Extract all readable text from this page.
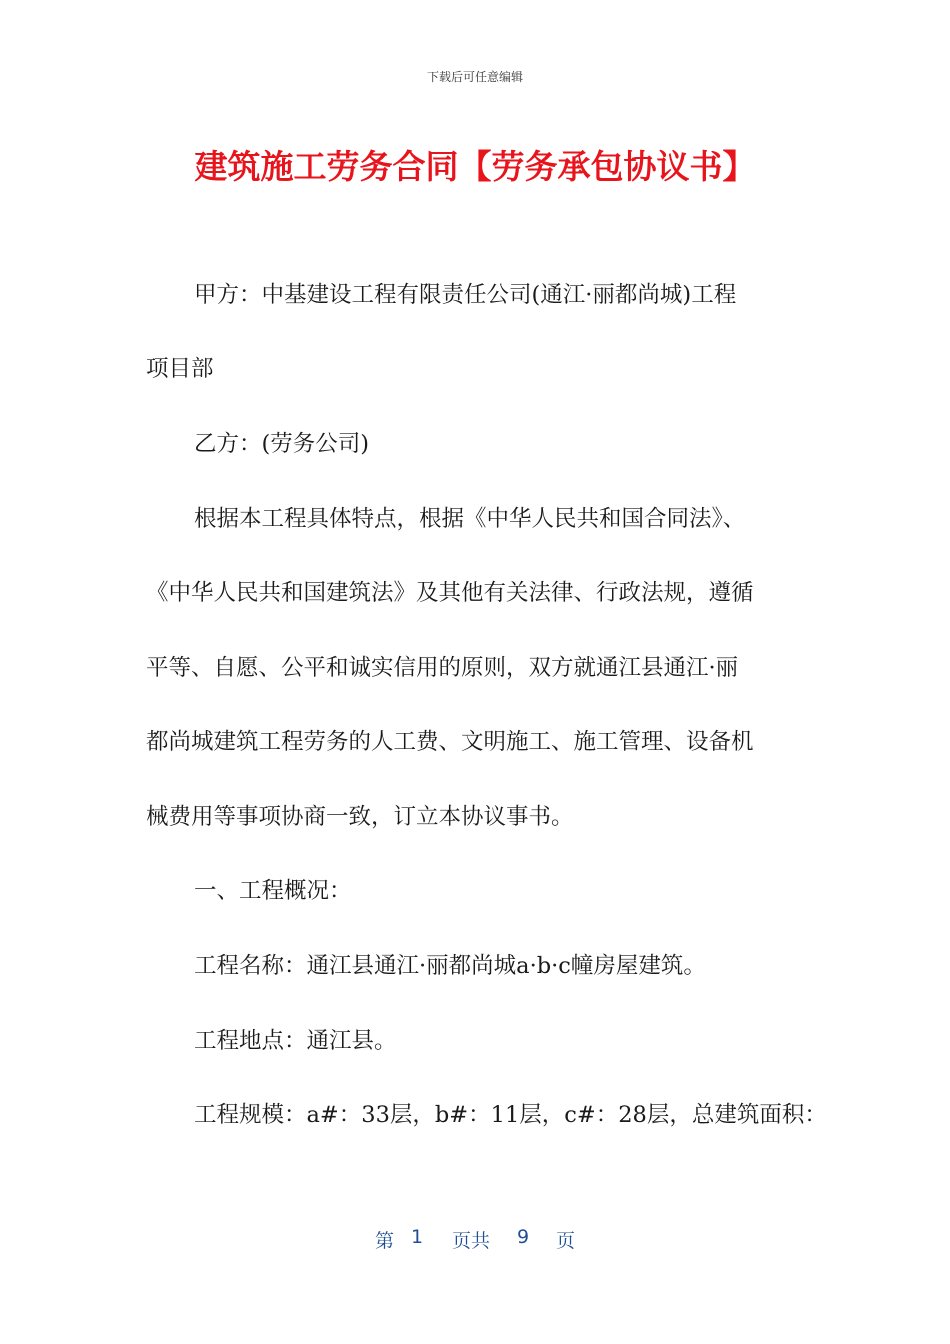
下载后可任意编辑
建筑施工劳务合同【劳务承包协议书】
甲方：中基建设工程有限责任公司(通江·丽都尚城)工程
项目部
乙方：(劳务公司)
根据本工程具体特点，根据《中华人民共和国合同法》、
《中华人民共和国建筑法》及其他有关法律、行政法规，遵循
平等、自愿、公平和诚实信用的原则，双方就通江县通江·丽
都尚城建筑工程劳务的人工费、文明施工、施工管理、设备机
械费用等事项协商一致，订立本协议事书。
一、工程概况：
工程名称：通江县通江·丽都尚城a·b·c幢房屋建筑。
工程地点：通江县。
工程规模：a#：33层，b#：11层，c#：28层，总建筑面积：
第 1 页共 9 页
